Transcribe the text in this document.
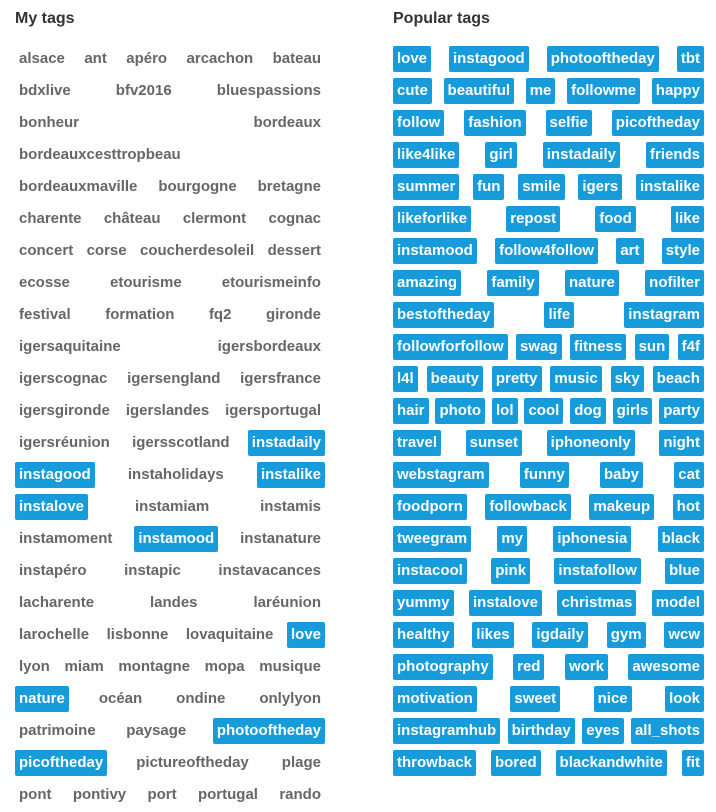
My tags
alsace ant apéro arcachon bateau
bdxlive	bfv2016	bluespassions
bonheur	bordeaux
bordeauxcesttropbeau
bordeauxmaville bourgogne bretagne
charente château clermont cognac
concert corse coucherdesoleil dessert
ecosse	etourisme	etourismeinfo
festival formation fq2 gironde
igersaquitaine	igersbordeaux
igerscognac igersengland igersfrance
igersgironde igerslandes igersportugal
igersréunion igersscotland instadaily
instagood instaholidays instalike
instalove	instamiam	instamis
instamoment instamood instanature
instapéro	instapic	instavacances
lacharente	landes	laréunion
larochelle lisbonne lovaquitaine love
lyon miam montagne mopa musique
nature océan ondine onlylyon
patrimoine paysage photooftheday
picoftheday pictureoftheday plage
pont pontivy port portugal rando
Popular tags
love instagood photooftheday tbt
cute beautiful me followme happy
follow fashion selfie picoftheday
like4like girl instadaily friends
summer fun smile igers instalike
likeforlike	repost	food	like
instamood follow4follow art style
amazing family nature nofilter
bestoftheday	life	instagram
followforfollow swag fitness sun f4f
l4l beauty pretty music sky beach
hair photo lol cool dog girls party
travel sunset iphoneonly night
webstagram	funny	baby	cat
foodporn followback makeup hot
tweegram my iphonesia black
instacool pink instafollow blue
yummy instalove christmas model
healthy likes igdaily gym wcw
photography red work awesome
motivation	sweet	nice	look
instagramhub birthday eyes all_shots
throwback bored blackandwhite fit
